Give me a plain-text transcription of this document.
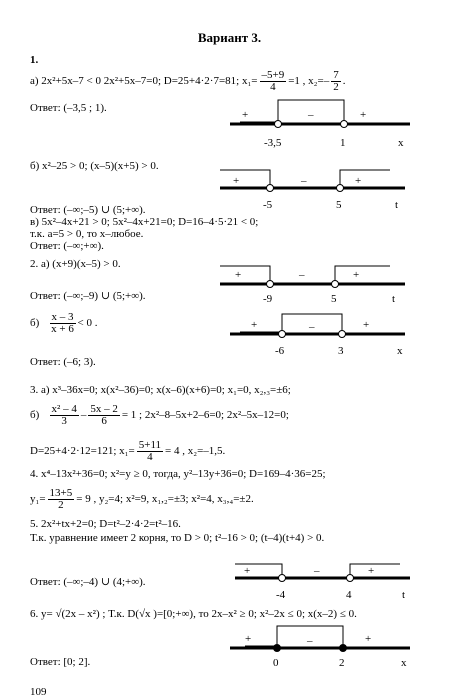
Вариант 3.
1.
а) 2x²+5x–7 < 0 2x²+5x–7=0; D=25+4·2·7=81; $x_1= \frac{-5+9}{4} =1$ , $x_2=- \frac{7}{2}$ .
Ответ: (–3,5 ; 1).
+	–	+
-3,5	1	x
б) x²–25 > 0; (x–5)(x+5) > 0.
+	–	+
-5	5	t
Ответ: (–∞;–5) ∪ (5;+∞).
в) 5x²–4x+21 > 0; 5x²–4x+21=0; D=16–4·5·21 < 0;
т.к. a=5 > 0, то x–любое.
Ответ: (–∞;+∞).
2. а) (x+9)(x–5) > 0.
+	–	+
-9	5	t
Ответ: (–∞;–9) ∪ (5;+∞).
$б) \frac{x - 3}{x + 6} < 0$ .	+	–	+
-6	3	x
Ответ: (–6; 3).
3. а) x³–36x=0; x(x²–36)=0; x(x–6)(x+6)=0; x₁=0, x₂,₃=±6;
$б) \frac{\text{x² – 4}}{3} - \frac{5x - 2}{6} = 1$ ; 2x²–8–5x+2–6=0; 2x²–5x–12=0;
D=25+4·2·12=121; $x_1= \frac{5+11}{4} = 4$ , x₂=–1,5.
4. x⁴–13x²+36=0; x²=y ≥ 0, тогда, y²–13y+36=0; D=169–4·36=25;
$y_1= \frac{13+5}{2} = 9$ , y₂=4; x²=9, x₁,₂=±3; x²=4, x₃,₄=±2.
5. 2x²+tx+2=0; D=t²–2·4·2=t²–16.
Т.к. уравнение имеет 2 корня, то D > 0; t²–16 > 0; (t–4)(t+4) > 0.
+	–	+
-4	4	t
Ответ: (–∞;–4) ∪ (4;+∞).
6. y= √(2x – x²) ; Т.к. D(√x )=[0;+∞), то 2x–x² ≥ 0; x²–2x ≤ 0; x(x–2) ≤ 0.
+	–	+
0	2	x
Ответ: [0; 2].
109
